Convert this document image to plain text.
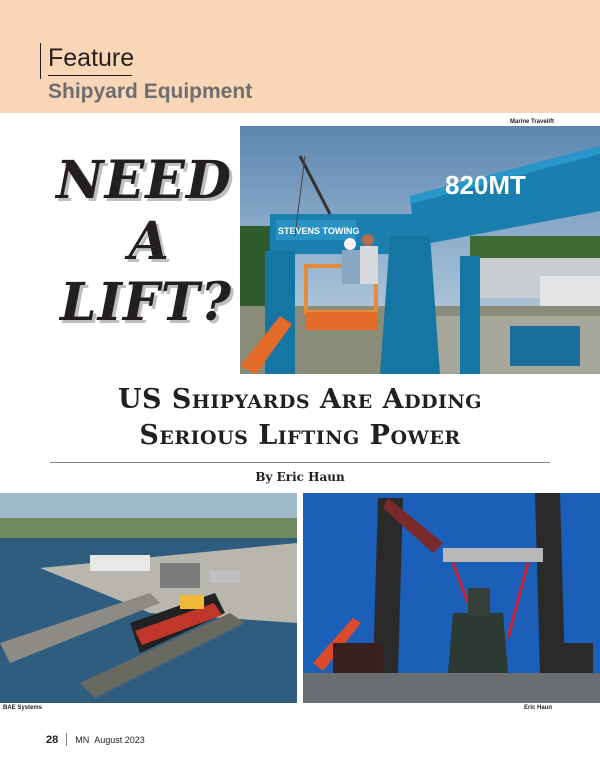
Feature
Shipyard Equipment
Marine Travelift
820MT
STEVENS TOWING
NEED
A
LIFT?
US Shipyards Are Adding
Serious Lifting Power
By Eric Haun
BAE Systems	Eric Haun
28 MN August 2023
